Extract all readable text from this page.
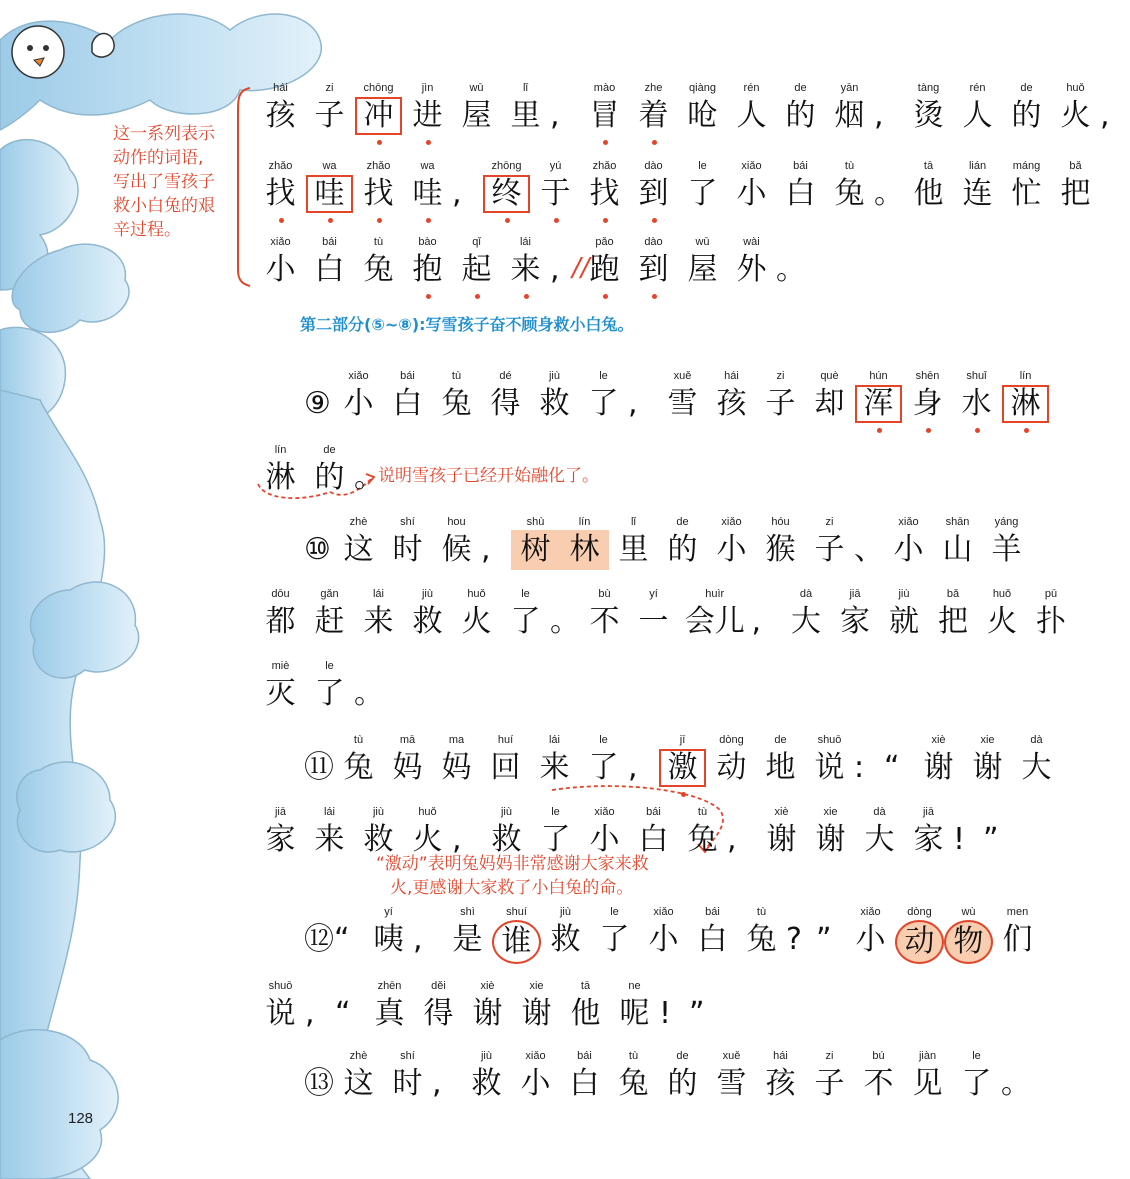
这一系列表示
动作的词语,
写出了雪孩子
救小白兔的艰
辛过程。
//
第二部分(⑤~⑧):写雪孩子奋不顾身救小白兔。
说明雪孩子已经开始融化了。
“激动”表明兔妈妈非常感谢大家来救
火,更感谢大家救了小白兔的命。
hái
孩
zi
子
chōng
冲
jìn
进
wū
屋
lǐ
里 ,
mào
冒
zhe
着
qiàng
呛
rén
人
de
的
yān
烟 ,
tàng
烫
rén
人
de
的
huǒ
火 ,
zhǎo
找
wa
哇
zhǎo
找
wa
哇 ,
zhōng
终
yú
于
zhǎo
找
dào
到
le
了
xiǎo
小
bái
白
tù
兔 。
tā
他
lián
连
máng
忙
bǎ
把
xiǎo
小
bái
白
tù
兔
bào
抱
qǐ
起
lái
来 ,
pǎo
跑
dào
到
wū
屋
wài
外 。
⑨
xiǎo
小
bái
白
tù
兔
dé
得
jiù
救
le
了 ,
xuě
雪
hái
孩
zi
子
què
却
hún
浑
shēn
身
shuǐ
水
lín
淋
lín
淋
de
的 。
⑩
zhè
这
shí
时
hou
候 ,
shù
树
lín
林
lǐ
里
de
的
xiǎo
小
hóu
猴
zi
子 、
xiǎo
小
shān
山
yáng
羊
dōu
都
gǎn
赶
lái
来
jiù
救
huǒ
火
le
了 。
bù
不
yí
一
huìr
会儿 ,
dà
大
jiā
家
jiù
就
bǎ
把
huǒ
火
pū
扑
miè
灭
le
了 。
⑪
tù
兔
mā
妈
ma
妈
huí
回
lái
来
le
了 ,
jī
激
dòng
动
de
地
shuō
说 : “
xiè
谢
xie
谢
dà
大
jiā
家
lái
来
jiù
救
huǒ
火 ,
jiù
救
le
了
xiǎo
小
bái
白
tù
兔 ,
xiè
谢
xie
谢
dà
大
jiā
家 ! ”
⑫ “
yí
咦 ,
shì
是
shuí
谁
jiù
救
le
了
xiǎo
小
bái
白
tù
兔 ? ”
xiǎo
小
dòng
动
wù
物
men
们
shuō
说 , “
zhēn
真
děi
得
xiè
谢
xie
谢
tā
他
ne
呢 ! ”
⑬
zhè
这
shí
时 ,
jiù
救
xiǎo
小
bái
白
tù
兔
de
的
xuě
雪
hái
孩
zi
子
bú
不
jiàn
见
le
了 。
128
